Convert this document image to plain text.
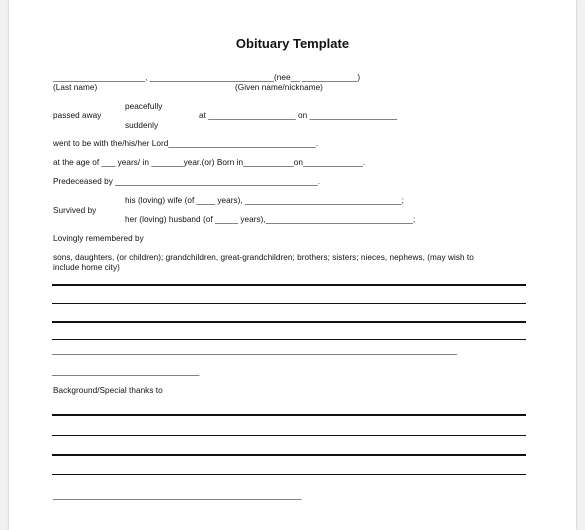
Obituary Template
____________________, ___________________________(nee__ ____________)
(Last name)	(Given name/nickname)
peacefully
passed away	at ___________________ on ___________________
suddenly
went to be with the/his/her Lord________________________________.
at the age of ___ years/ in _______year.(or) Born in___________on_____________.
Predeceased by ____________________________________________.
his (loving) wife (of ____ years), __________________________________;
Survived by
her (loving) husband (of _____ years),________________________________;
Lovingly remembered by
sons, daughters, (or children); grandchildren, great-grandchildren; brothers; sisters; nieces, nephews, (may wish to
include home city)
________________________________________________________________________________________
________________________________
Background/Special thanks to
______________________________________________________
